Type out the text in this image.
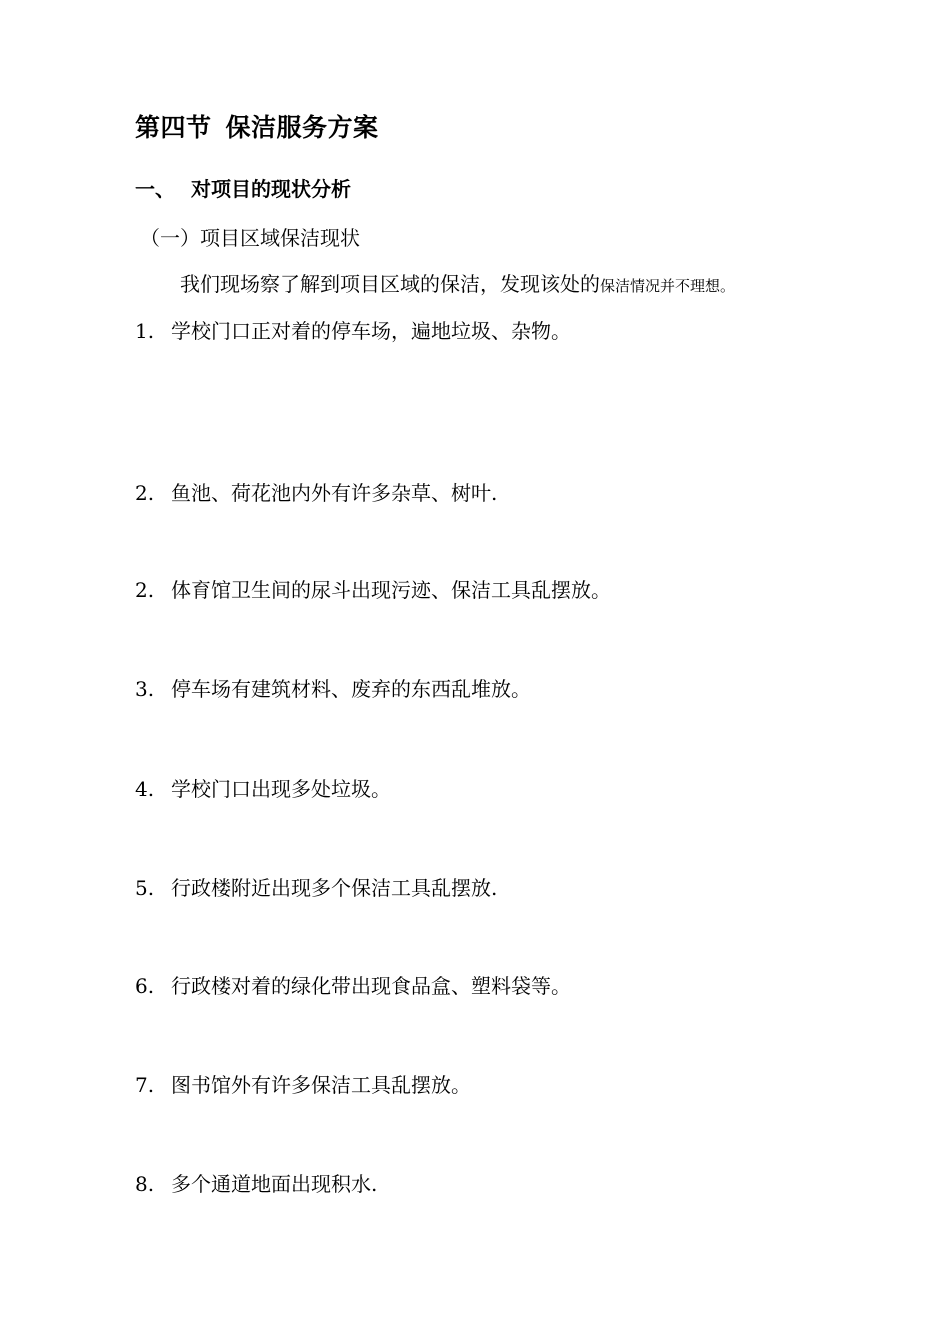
第四节 保洁服务方案
一、 对项目的现状分析
（一）项目区域保洁现状
我们现场察了解到项目区域的保洁，发现该处的保洁情况并不理想。
1. 学校门口正对着的停车场，遍地垃圾、杂物。
2. 鱼池、荷花池内外有许多杂草、树叶.
2. 体育馆卫生间的尿斗出现污迹、保洁工具乱摆放。
3. 停车场有建筑材料、废弃的东西乱堆放。
4. 学校门口出现多处垃圾。
5. 行政楼附近出现多个保洁工具乱摆放.
6. 行政楼对着的绿化带出现食品盒、塑料袋等。
7. 图书馆外有许多保洁工具乱摆放。
8. 多个通道地面出现积水.
